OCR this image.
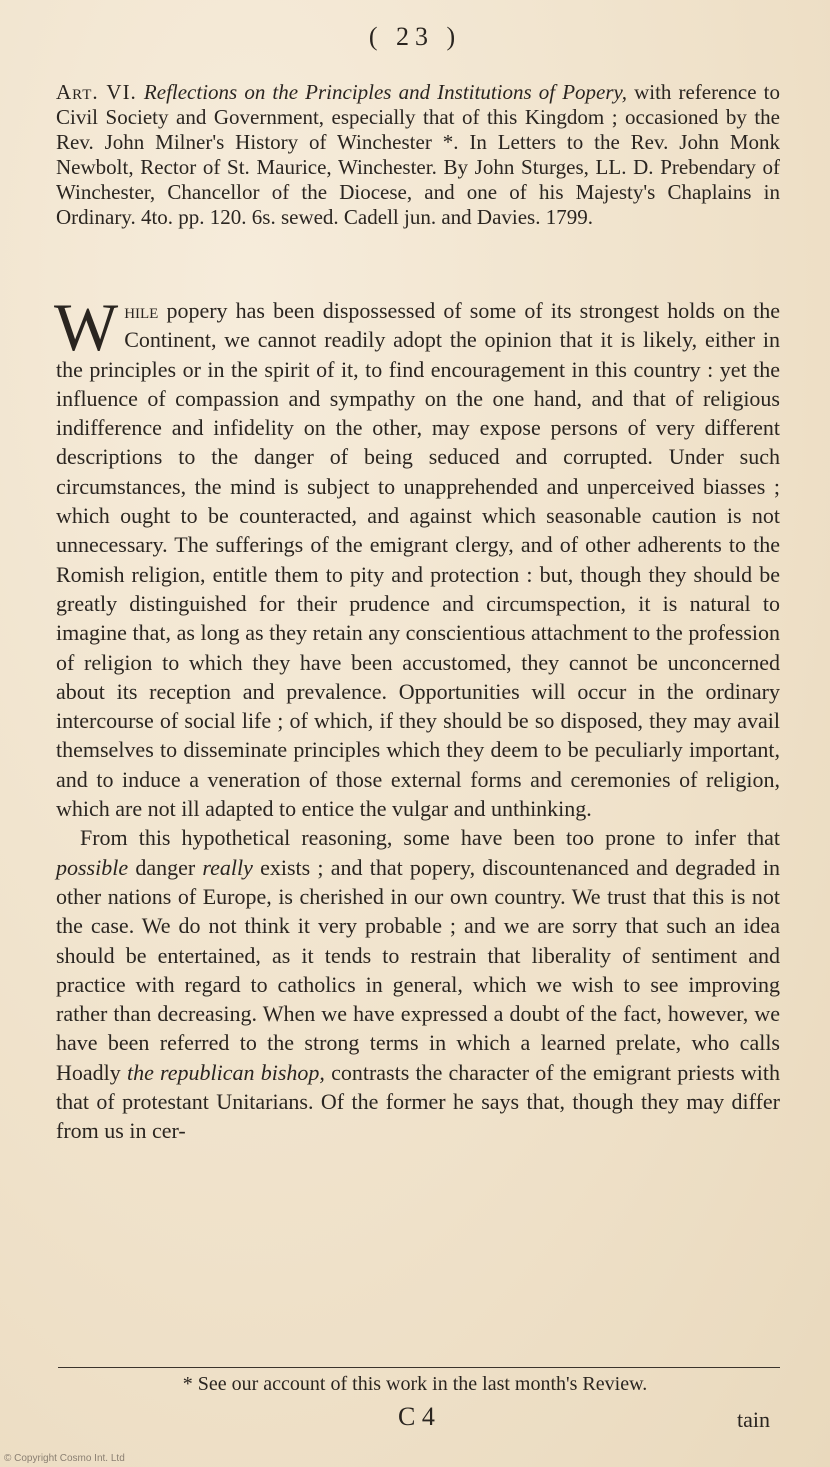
( 23 )
Art. VI. Reflections on the Principles and Institutions of Popery, with reference to Civil Society and Government, especially that of this Kingdom ; occasioned by the Rev. John Milner's History of Winchester *. In Letters to the Rev. John Monk Newbolt, Rector of St. Maurice, Winchester. By John Sturges, LL. D. Prebendary of Winchester, Chancellor of the Diocese, and one of his Majesty's Chaplains in Ordinary. 4to. pp. 120. 6s. sewed. Cadell jun. and Davies. 1799.

While popery has been dispossessed of some of its strongest holds on the Continent, we cannot readily adopt the opinion that it is likely, either in the principles or in the spirit of it, to find encouragement in this country : yet the influence of compassion and sympathy on the one hand, and that of religious indifference and infidelity on the other, may expose persons of very different descriptions to the danger of being seduced and corrupted. Under such circumstances, the mind is subject to unapprehended and unperceived biasses ; which ought to be counteracted, and against which seasonable caution is not unnecessary. The sufferings of the emigrant clergy, and of other adherents to the Romish religion, entitle them to pity and protection : but, though they should be greatly distinguished for their prudence and circumspection, it is natural to imagine that, as long as they retain any conscientious attachment to the profession of religion to which they have been accustomed, they cannot be unconcerned about its reception and prevalence. Opportunities will occur in the ordinary intercourse of social life ; of which, if they should be so disposed, they may avail themselves to disseminate principles which they deem to be peculiarly important, and to induce a veneration of those external forms and ceremonies of religion, which are not ill adapted to entice the vulgar and unthinking.

From this hypothetical reasoning, some have been too prone to infer that possible danger really exists ; and that popery, discountenanced and degraded in other nations of Europe, is cherished in our own country. We trust that this is not the case. We do not think it very probable ; and we are sorry that such an idea should be entertained, as it tends to restrain that liberality of sentiment and practice with regard to catholics in general, which we wish to see improving rather than decreasing. When we have expressed a doubt of the fact, however, we have been referred to the strong terms in which a learned prelate, who calls Hoadly the republican bishop, contrasts the character of the emigrant priests with that of protestant Unitarians. Of the former he says that, though they may differ from us in cer-

* See our account of this work in the last month's Review.
C 4	tain
© Copyright Cosmo Int. Ltd
